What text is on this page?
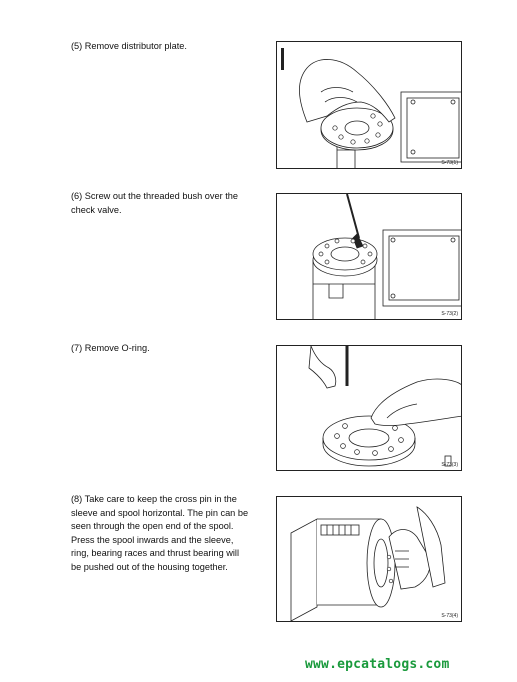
(5) Remove distributor plate.
S-73(1)
(6) Screw out the threaded bush over the check valve.
S-73(2)
(7) Remove O-ring.
S-73(3)
(8) Take care to keep the cross pin in the sleeve and spool horizontal. The pin can be seen through the open end of the spool. Press the spool inwards and the sleeve, ring, bearing races and thrust bearing will be pushed out of the housing together.
S-73(4)
www.epcatalogs.com
